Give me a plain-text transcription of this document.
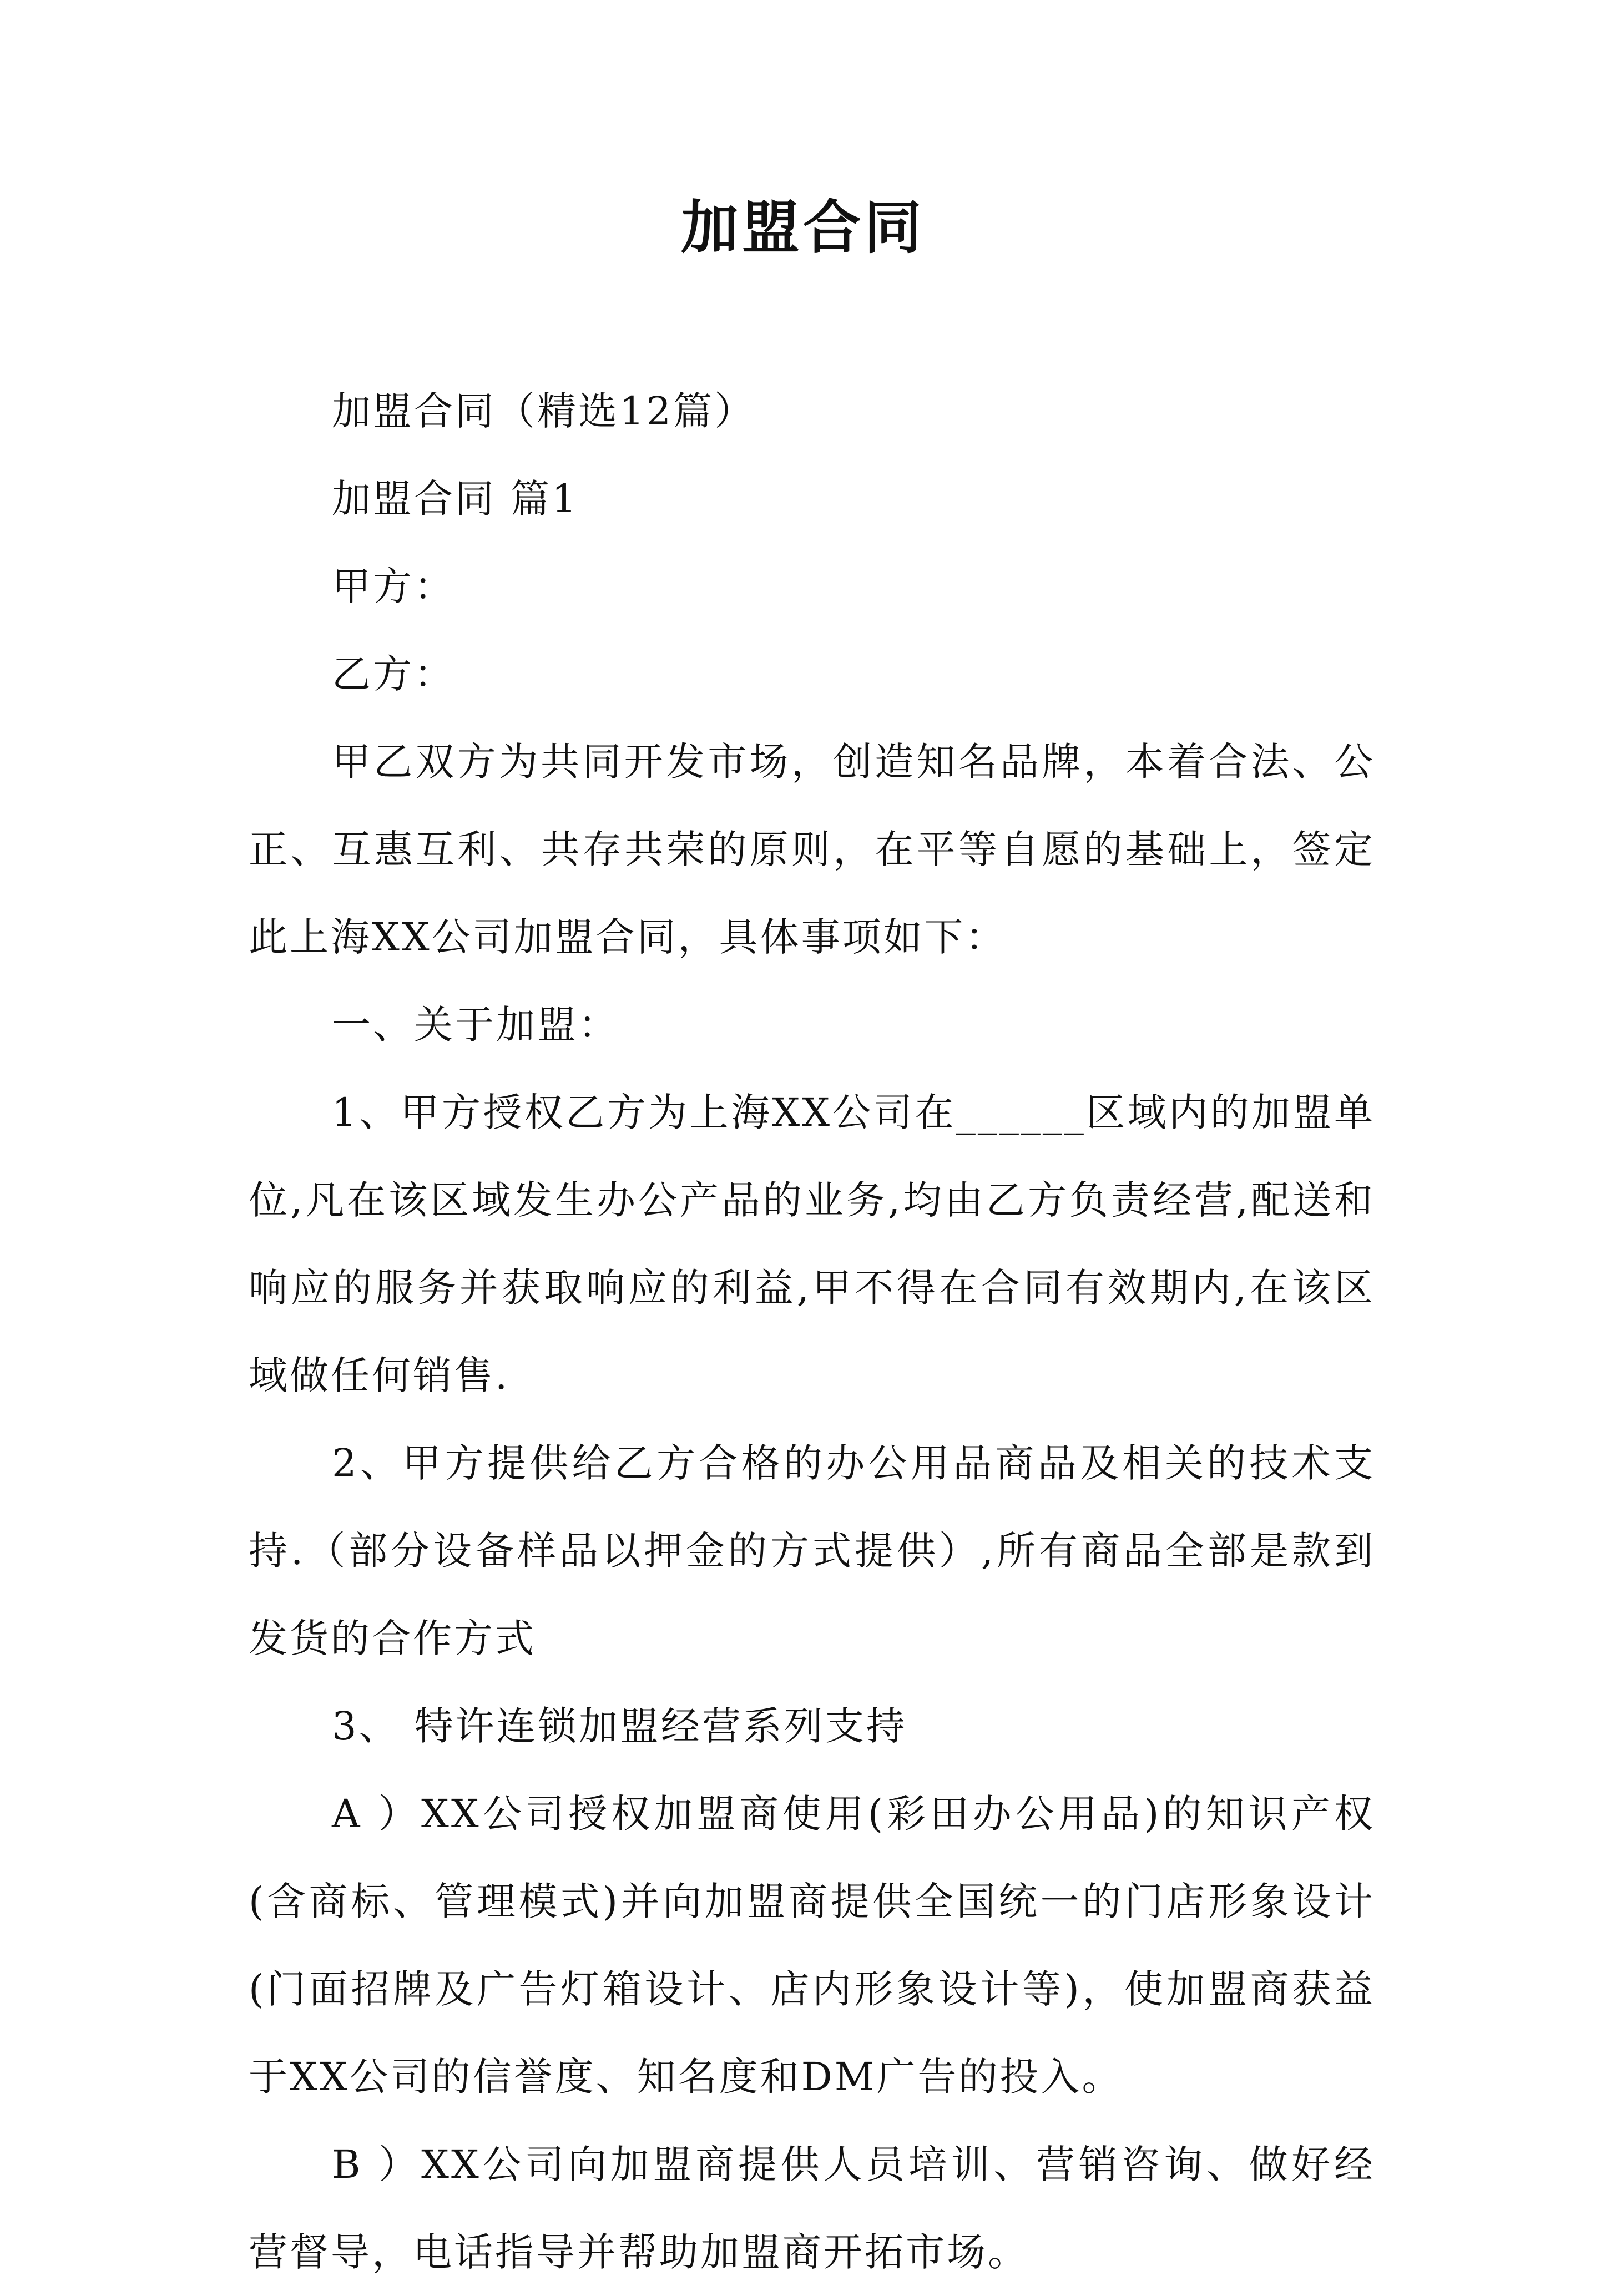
加盟合同

加盟合同（精选12篇）

加盟合同 篇1

甲方：

乙方：

甲乙双方为共同开发市场，创造知名品牌，本着合法、公正、互惠互利、共存共荣的原则，在平等自愿的基础上，签定此上海XX公司加盟合同，具体事项如下：

一、关于加盟：

1、甲方授权乙方为上海XX公司在______区域内的加盟单位,凡在该区域发生办公产品的业务,均由乙方负责经营,配送和响应的服务并获取响应的利益,甲不得在合同有效期内,在该区域做任何销售.

2、甲方提供给乙方合格的办公用品商品及相关的技术支持.（部分设备样品以押金的方式提供）,所有商品全部是款到发货的合作方式

3、 特许连锁加盟经营系列支持

A ）XX公司授权加盟商使用(彩田办公用品)的知识产权(含商标、管理模式)并向加盟商提供全国统一的门店形象设计(门面招牌及广告灯箱设计、店内形象设计等)，使加盟商获益于XX公司的信誉度、知名度和DM广告的投入。

B ）XX公司向加盟商提供人员培训、营销咨询、做好经营督导，电话指导并帮助加盟商开拓市场。
